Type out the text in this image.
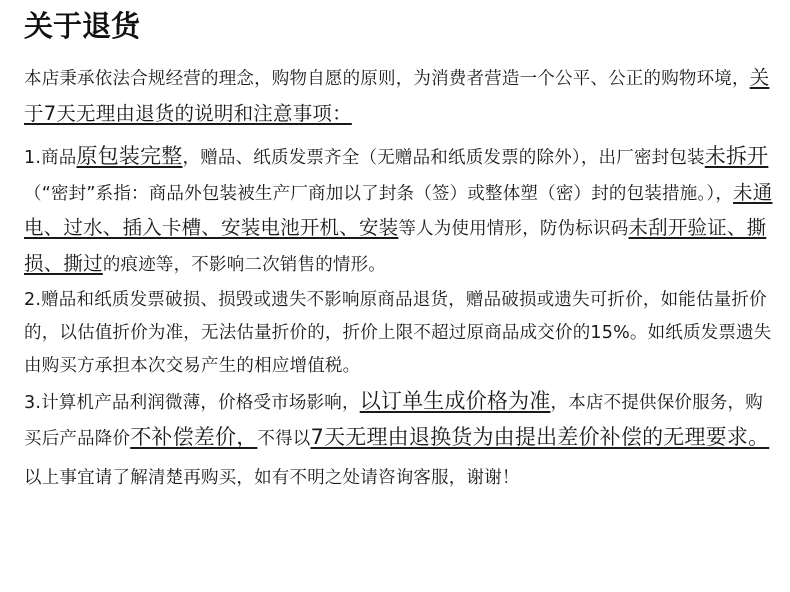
关于退货

本店秉承依法合规经营的理念，购物自愿的原则，为消费者营造一个公平、公正的购物环境，关于7天无理由退货的说明和注意事项：

1.商品原包装完整，赠品、纸质发票齐全（无赠品和纸质发票的除外），出厂密封包装未拆开（“密封”系指：商品外包装被生产厂商加以了封条（签）或整体塑（密）封的包装措施。），未通电、过水、插入卡槽、安装电池开机、安装等人为使用情形，防伪标识码未刮开验证、撕损、撕过的痕迹等，不影响二次销售的情形。

2.赠品和纸质发票破损、损毁或遗失不影响原商品退货，赠品破损或遗失可折价，如能估量折价的，以估值折价为准，无法估量折价的，折价上限不超过原商品成交价的15%。如纸质发票遗失由购买方承担本次交易产生的相应增值税。

3.计算机产品利润微薄，价格受市场影响，以订单生成价格为准，本店不提供保价服务，购买后产品降价不补偿差价，不得以7天无理由退换货为由提出差价补偿的无理要求。

以上事宜请了解清楚再购买，如有不明之处请咨询客服，谢谢！
